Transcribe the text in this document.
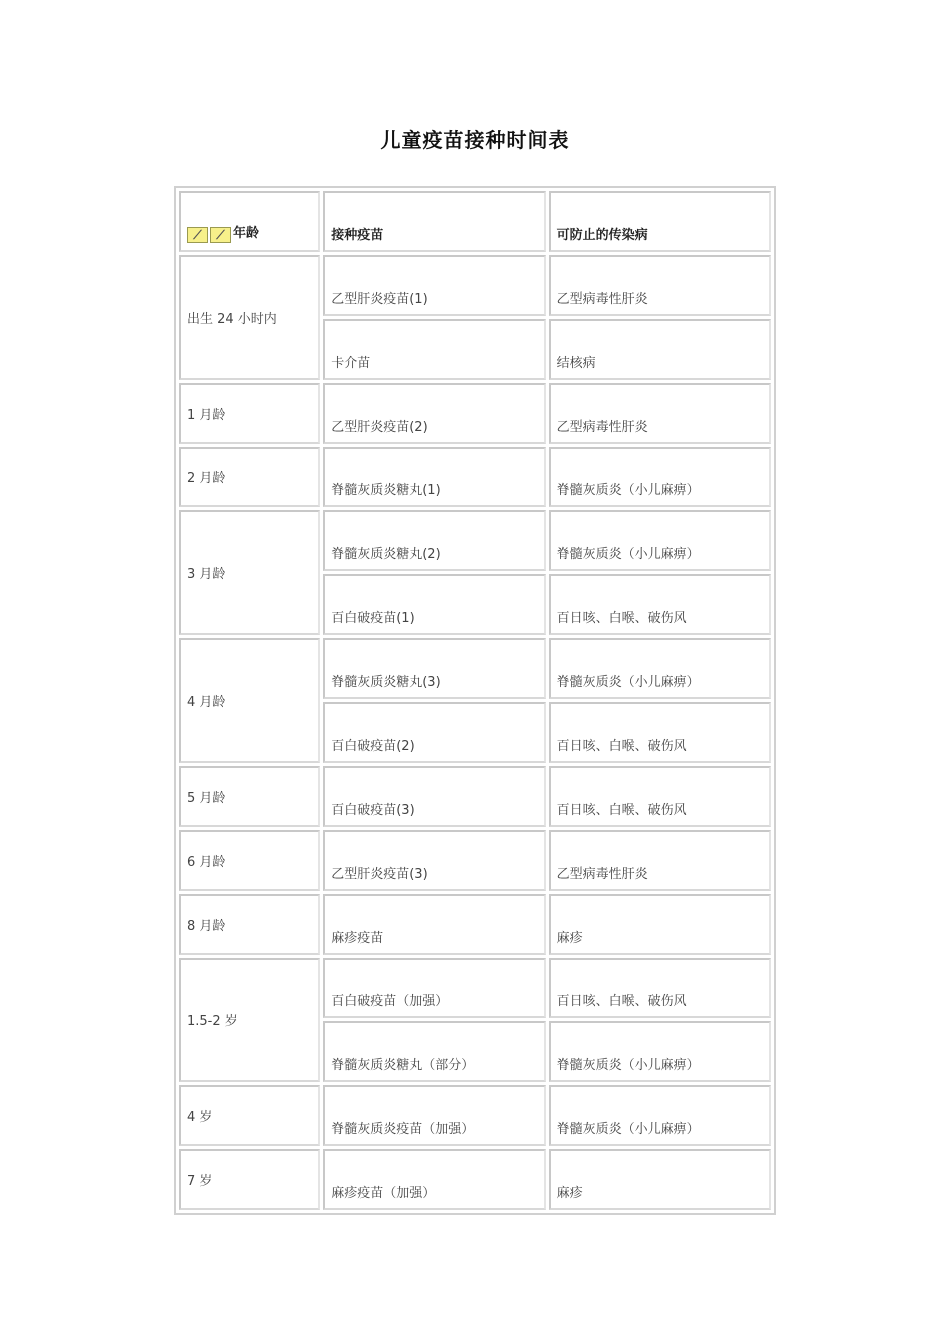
儿童疫苗接种时间表
⟋ ⟋ 年龄	接种疫苗	可防止的传染病
出生 24 小时内	乙型肝炎疫苗(1)	乙型病毒性肝炎
	卡介苗	结核病
1 月龄	乙型肝炎疫苗(2)	乙型病毒性肝炎
2 月龄	脊髓灰质炎糖丸(1)	脊髓灰质炎（小儿麻痹）
3 月龄	脊髓灰质炎糖丸(2)	脊髓灰质炎（小儿麻痹）
	百白破疫苗(1)	百日咳、白喉、破伤风
4 月龄	脊髓灰质炎糖丸(3)	脊髓灰质炎（小儿麻痹）
	百白破疫苗(2)	百日咳、白喉、破伤风
5 月龄	百白破疫苗(3)	百日咳、白喉、破伤风
6 月龄	乙型肝炎疫苗(3)	乙型病毒性肝炎
8 月龄	麻疹疫苗	麻疹
1.5-2 岁	百白破疫苗（加强）	百日咳、白喉、破伤风
	脊髓灰质炎糖丸（部分）	脊髓灰质炎（小儿麻痹）
4 岁	脊髓灰质炎疫苗（加强）	脊髓灰质炎（小儿麻痹）
7 岁	麻疹疫苗（加强）	麻疹
